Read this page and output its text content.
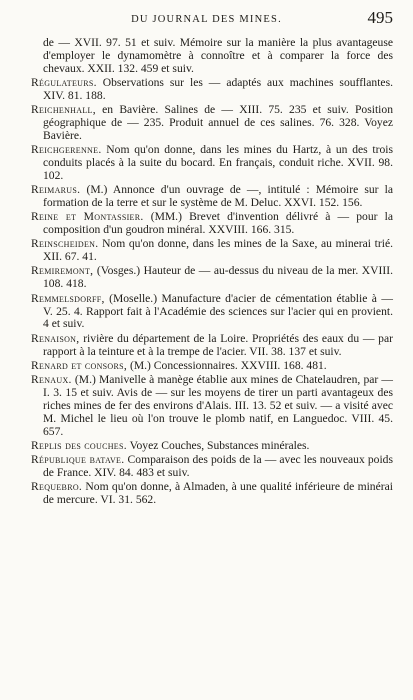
DU JOURNAL DES MINES.	495

de — XVII. 97. 51 et suiv. Mémoire sur la manière la plus avantageuse d'employer le dynamomètre à connoître et à comparer la force des chevaux. XXII. 132. 459 et suiv.

Régulateurs. Observations sur les — adaptés aux machines soufflantes. XIV. 81. 188.

Reichenhall, en Bavière. Salines de — XIII. 75. 235 et suiv. Position géographique de — 235. Produit annuel de ces salines. 76. 328. Voyez Bavière.

Reichgerenne. Nom qu'on donne, dans les mines du Hartz, à un des trois conduits placés à la suite du bocard. En français, conduit riche. XVII. 98. 102.

Reimarus. (M.) Annonce d'un ouvrage de —, intitulé : Mémoire sur la formation de la terre et sur le système de M. Deluc. XXVI. 152. 156.

Reine et Montassier. (MM.) Brevet d'invention délivré à — pour la composition d'un goudron minéral. XXVIII. 166. 315.

Reinscheiden. Nom qu'on donne, dans les mines de la Saxe, au minerai trié. XII. 67. 41.

Remiremont, (Vosges.) Hauteur de — au-dessus du niveau de la mer. XVIII. 108. 418.

Remmelsdorff, (Moselle.) Manufacture d'acier de cémentation établie à — V. 25. 4. Rapport fait à l'Académie des sciences sur l'acier qui en provient. 4 et suiv.

Renaison, rivière du département de la Loire. Propriétés des eaux du — par rapport à la teinture et à la trempe de l'acier. VII. 38. 137 et suiv.

Renard et consors, (M.) Concessionnaires. XXVIII. 168. 481.

Renaux. (M.) Manivelle à manège établie aux mines de Chatelaudren, par — I. 3. 15 et suiv. Avis de — sur les moyens de tirer un parti avantageux des riches mines de fer des environs d'Alais. III. 13. 52 et suiv. — a visité avec M. Michel le lieu où l'on trouve le plomb natif, en Languedoc. VIII. 45. 657.

Replis des couches. Voyez Couches, Substances minérales.

République batave. Comparaison des poids de la — avec les nouveaux poids de France. XIV. 84. 483 et suiv.

Requebro. Nom qu'on donne, à Almaden, à une qualité inférieure de minérai de mercure. VI. 31. 562.
